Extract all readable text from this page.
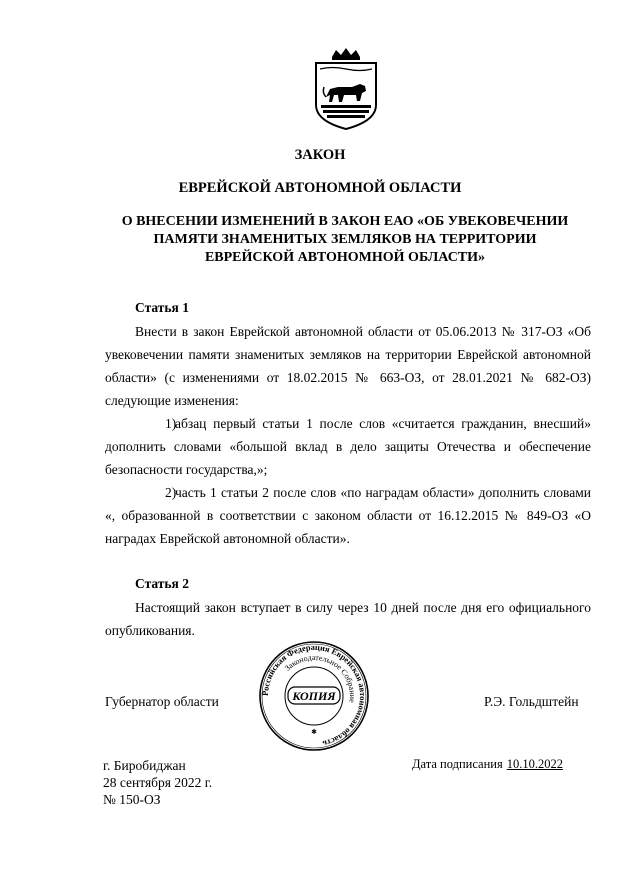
ЗАКОН
ЕВРЕЙСКОЙ АВТОНОМНОЙ ОБЛАСТИ
О ВНЕСЕНИИ ИЗМЕНЕНИЙ В ЗАКОН ЕАО «ОБ УВЕКОВЕЧЕНИИ
ПАМЯТИ ЗНАМЕНИТЫХ ЗЕМЛЯКОВ НА ТЕРРИТОРИИ
ЕВРЕЙСКОЙ АВТОНОМНОЙ ОБЛАСТИ»
Статья 1

Внести в закон Еврейской автономной области от 05.06.2013 № 317-ОЗ «Об увековечении памяти знаменитых земляков на территории Еврейской автономной области» (с изменениями от 18.02.2015 № 663-ОЗ, от 28.01.2021 № 682-ОЗ) следующие изменения:

1)абзац первый статьи 1 после слов «считается гражданин, внесший» дополнить словами «большой вклад в дело защиты Отечества и обеспечение безопасности государства,»;

2)часть 1 статьи 2 после слов «по наградам области» дополнить словами «, образованной в соответствии с законом области от 16.12.2015 № 849-ОЗ «О наградах Еврейской автономной области».

Статья 2

Настоящий закон вступает в силу через 10 дней после дня его официального опубликования.

Губернатор области	Р.Э. Гольдштейн
Российская Федерация Еврейская автономная область
Законодательное Собрание
КОПИЯ
✱
г. Биробиджан
28 сентября 2022 г.
№ 150-ОЗ
Дата подписания 10.10.2022
